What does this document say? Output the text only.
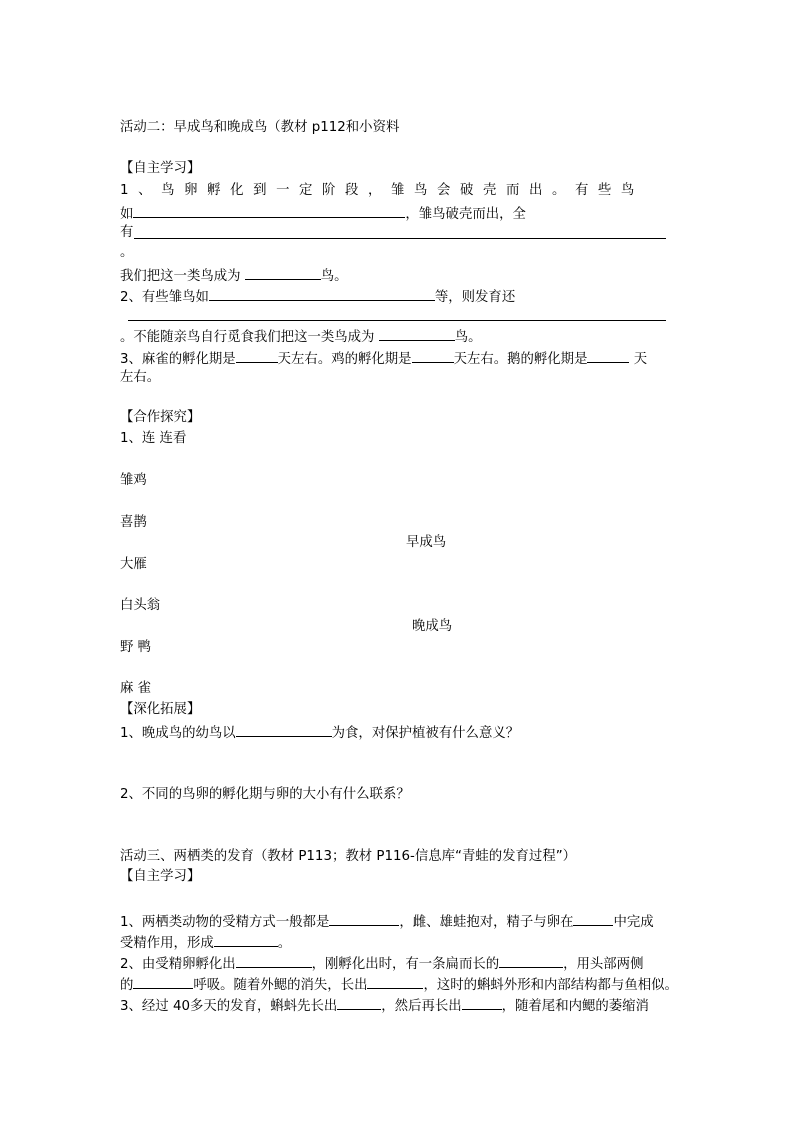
活动二：早成鸟和晚成鸟（教材 p112和小资料
【自主学习】
1、鸟卵孵化到一定阶段，雏鸟会破壳而出。有些鸟
如	，雏鸟破壳而出，全
有
。
我们把这一类鸟成为	鸟。
2、有些雏鸟如	等，则发育还
。不能随亲鸟自行觅食我们把这一类鸟成为	鸟。
3、麻雀的孵化期是	天左右。鸡的孵化期是	天左右。鹅的孵化期是	天
左右。
【合作探究】
1、连 连看
雏鸡
喜鹊
早成鸟
大雁
白头翁
晚成鸟
野 鸭
麻 雀
【深化拓展】
1、晚成鸟的幼鸟以	为食，对保护植被有什么意义？
2、不同的鸟卵的孵化期与卵的大小有什么联系？
活动三、两栖类的发育（教材 P113；教材 P116-信息库“青蛙的发育过程”）
【自主学习】
1、两栖类动物的受精方式一般都是	，雌、雄蛙抱对，精子与卵在	中完成
受精作用，形成	。
2、由受精卵孵化出	，刚孵化出时，有一条扁而长的	，用头部两侧
的	呼吸。随着外鳃的消失，长出	，这时的蝌蚪外形和内部结构都与鱼相似。
3、经过 40多天的发育，蝌蚪先长出	，然后再长出	，随着尾和内鳃的萎缩消
